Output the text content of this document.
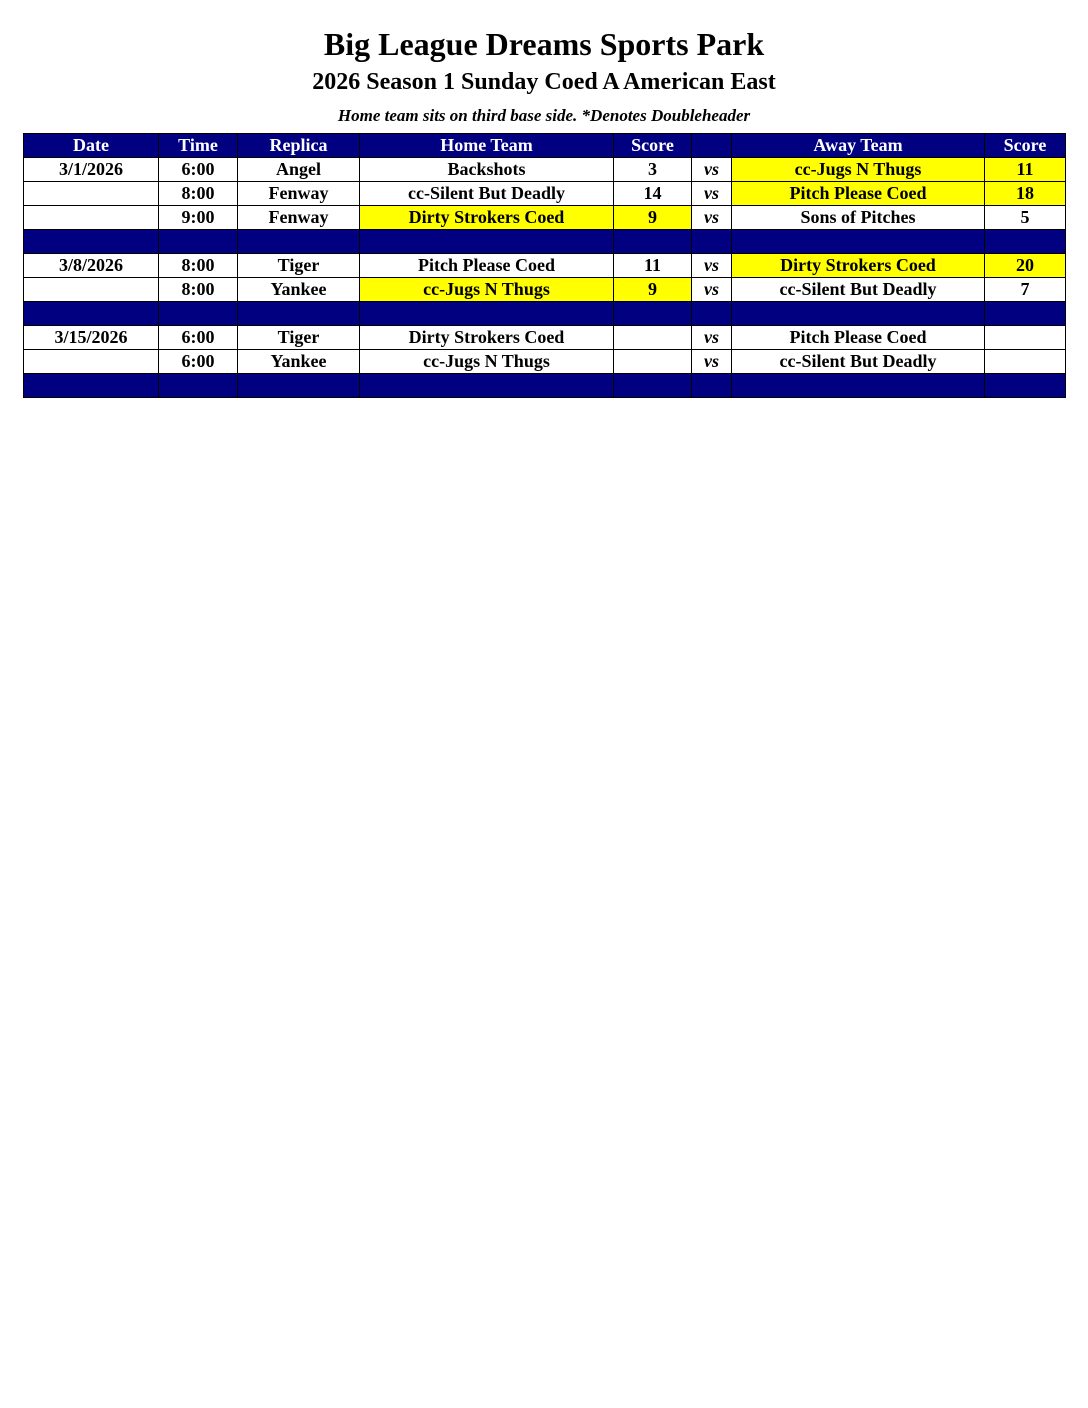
Big League Dreams Sports Park
2026 Season 1 Sunday Coed A American East
Home team sits on third base side. *Denotes Doubleheader
Date	Time	Replica	Home Team	Score		Away Team	Score
3/1/2026	6:00	Angel	Backshots	3	vs	cc-Jugs N Thugs	11
	8:00	Fenway	cc-Silent But Deadly	14	vs	Pitch Please Coed	18
	9:00	Fenway	Dirty Strokers Coed	9	vs	Sons of Pitches	5

3/8/2026	8:00	Tiger	Pitch Please Coed	11	vs	Dirty Strokers Coed	20
	8:00	Yankee	cc-Jugs N Thugs	9	vs	cc-Silent But Deadly	7

3/15/2026	6:00	Tiger	Dirty Strokers Coed		vs	Pitch Please Coed	
	6:00	Yankee	cc-Jugs N Thugs		vs	cc-Silent But Deadly	
